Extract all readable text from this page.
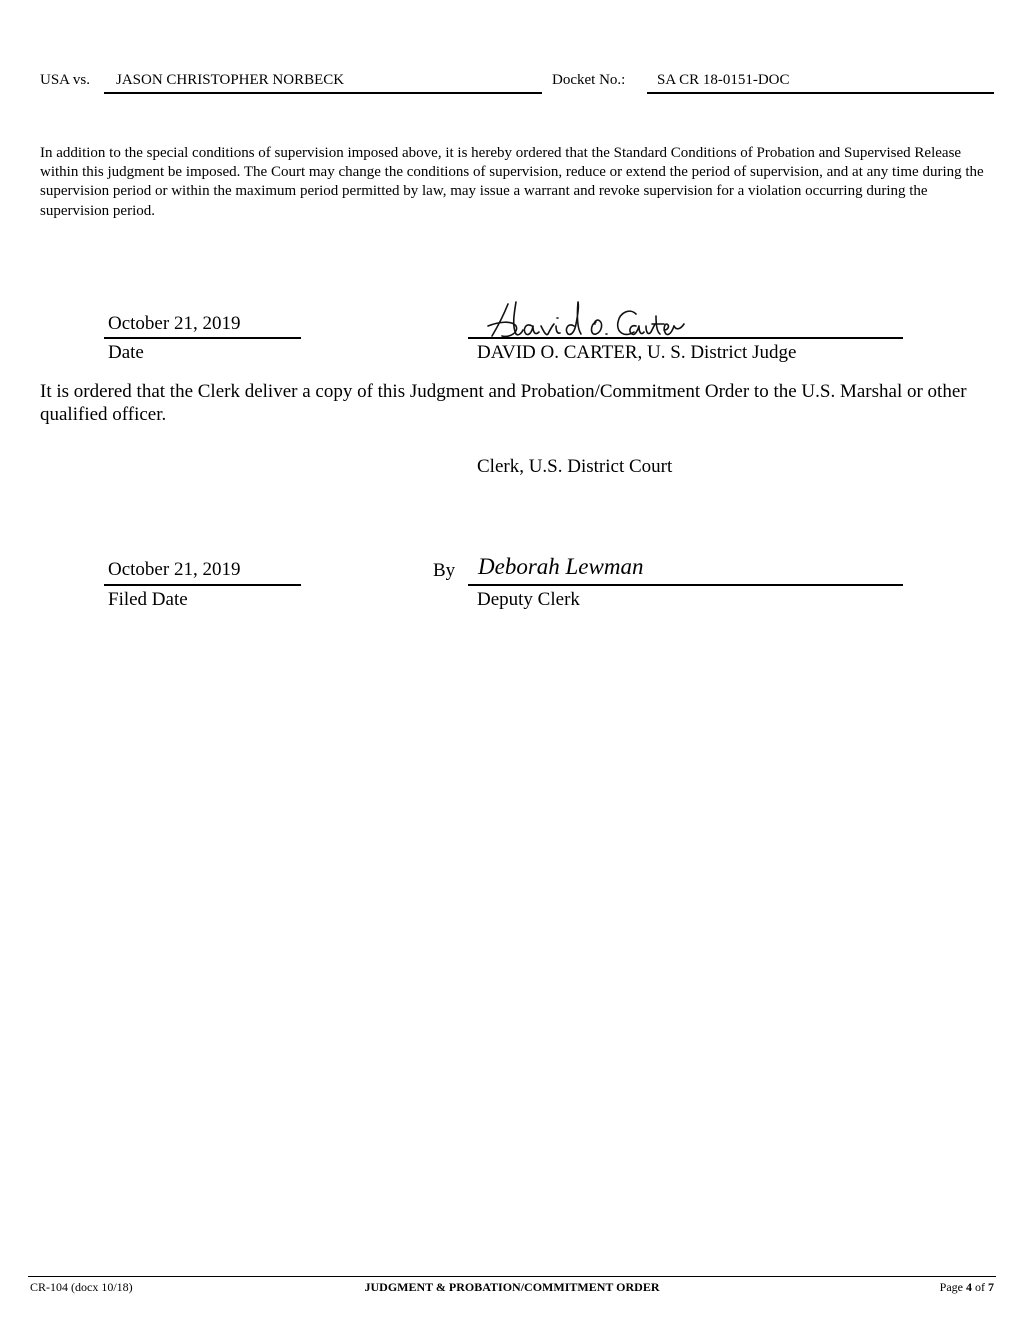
USA vs. JASON CHRISTOPHER NORBECK	Docket No.: SA CR 18-0151-DOC
In addition to the special conditions of supervision imposed above, it is hereby ordered that the Standard Conditions of Probation and Supervised Release within this judgment be imposed. The Court may change the conditions of supervision, reduce or extend the period of supervision, and at any time during the supervision period or within the maximum period permitted by law, may issue a warrant and revoke supervision for a violation occurring during the supervision period.
October 21, 2019
Date	DAVID O. CARTER, U. S. District Judge
It is ordered that the Clerk deliver a copy of this Judgment and Probation/Commitment Order to the U.S. Marshal or other qualified officer.
Clerk, U.S. District Court
October 21, 2019
Filed Date
By Deborah Lewman
Deputy Clerk
CR-104 (docx 10/18)	JUDGMENT & PROBATION/COMMITMENT ORDER	Page 4 of 7
